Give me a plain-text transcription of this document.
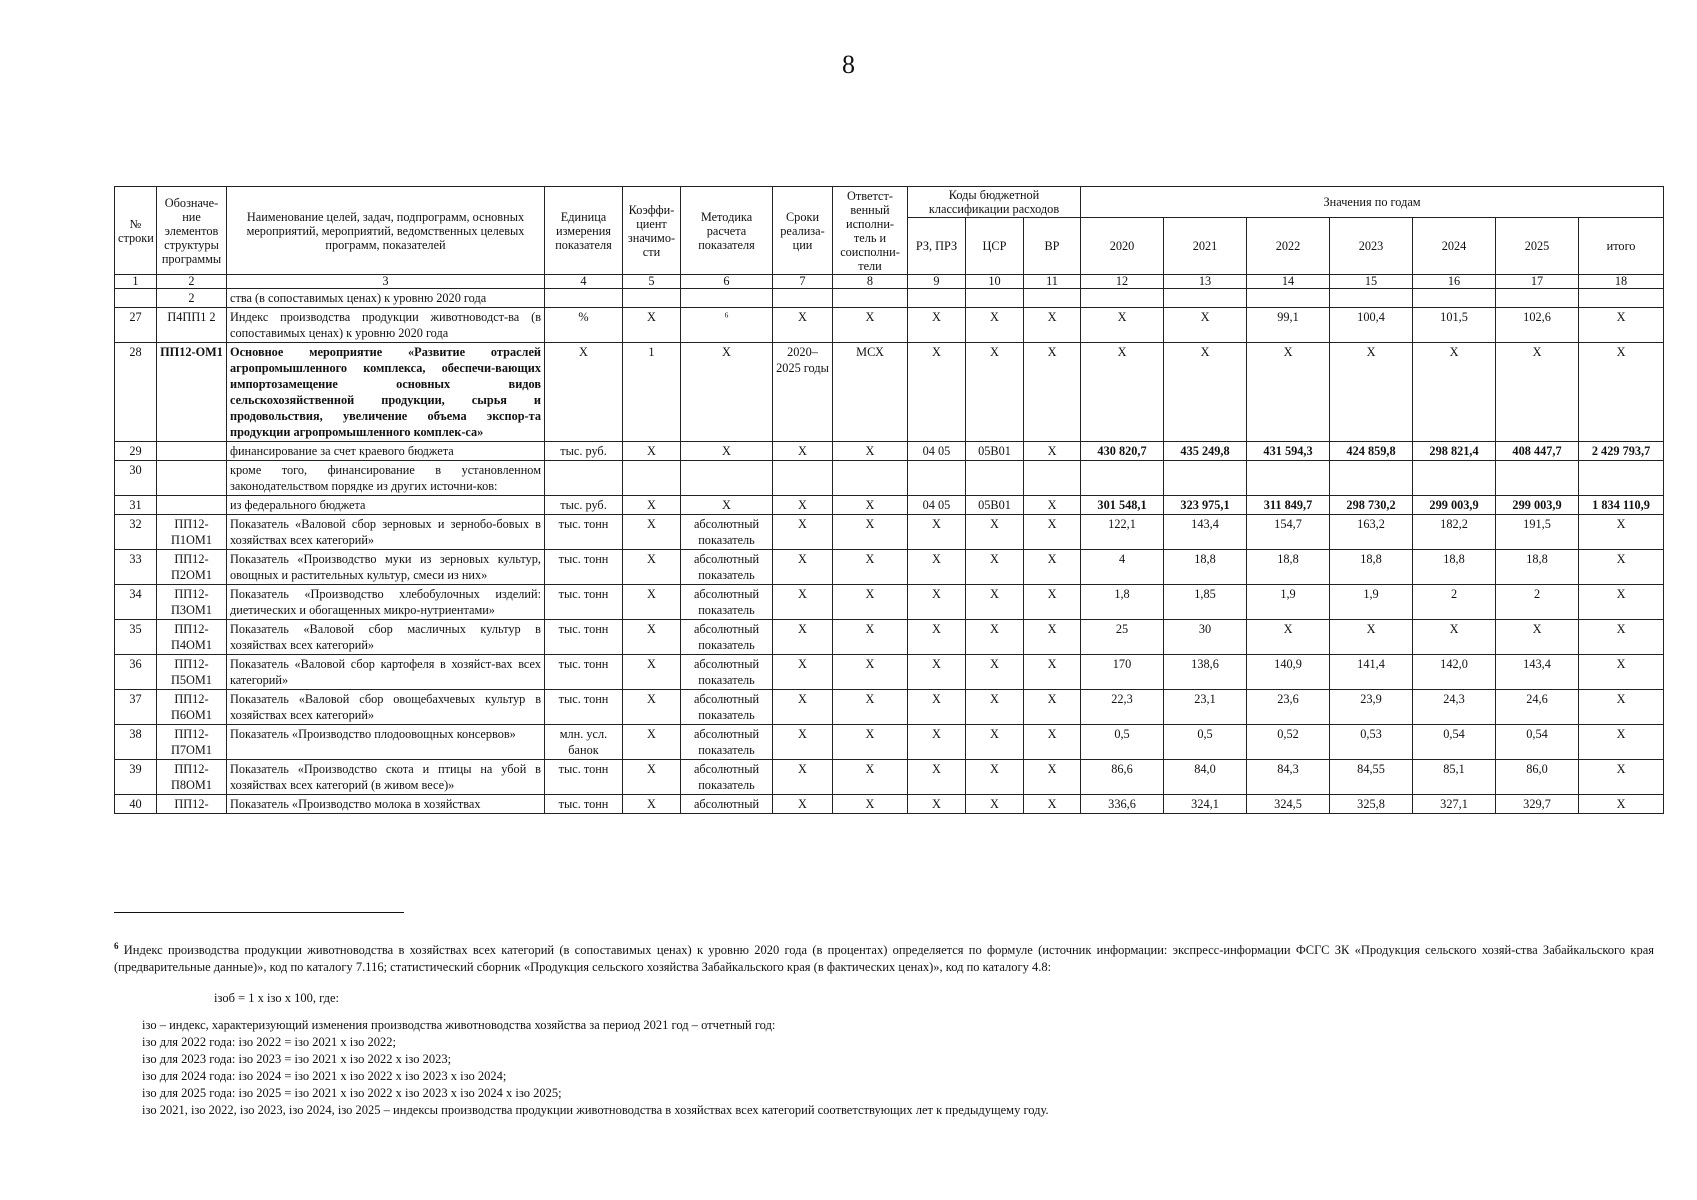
8
№ строки	Обозначе-ние элементов структуры программы	Наименование целей, задач, подпрограмм, основных мероприятий, мероприятий, ведомственных целевых программ, показателей	Единица измерения показателя	Коэффи-циент значимо-сти	Методика расчета показателя	Сроки реализа-ции	Ответст-венный исполни-тель и соисполни-тели	Коды бюджетной классификации расходов			Значения по годам						
								РЗ, ПРЗ	ЦСР	ВР	2020	2021	2022	2023	2024	2025	итого
1	2	3	4	5	6	7	8	9	10	11	12	13	14	15	16	17	18
	2	ства (в сопоставимых ценах) к уровню 2020 года															
27	П4ПП1 2	Индекс производства продукции животноводст-ва (в сопоставимых ценах) к уровню 2020 года	%	Х	⁶	Х	Х	Х	Х	Х	Х	Х	99,1	100,4	101,5	102,6	Х
28	ПП12-ОМ1	Основное мероприятие «Развитие отраслей агропромышленного комплекса, обеспечи-вающих импортозамещение основных видов сельскохозяйственной продукции, сырья и продовольствия, увеличение объема экспор-та продукции агропромышленного комплек-са»	Х	1	Х	2020–2025 годы	МСХ	Х	Х	Х	Х	Х	Х	Х	Х	Х	Х
29		финансирование за счет краевого бюджета	тыс. руб.	Х	Х	Х	Х	04 05	05В01	Х	430 820,7	435 249,8	431 594,3	424 859,8	298 821,4	408 447,7	2 429 793,7
30		кроме того, финансирование в установленном законодательством порядке из других источни-ков:															
31		из федерального бюджета	тыс. руб.	Х	Х	Х	Х	04 05	05В01	Х	301 548,1	323 975,1	311 849,7	298 730,2	299 003,9	299 003,9	1 834 110,9
32	ПП12-П1ОМ1	Показатель «Валовой сбор зерновых и зернобо-бовых в хозяйствах всех категорий»	тыс. тонн	Х	абсолютный показатель	Х	Х	Х	Х	Х	122,1	143,4	154,7	163,2	182,2	191,5	Х
33	ПП12-П2ОМ1	Показатель «Производство муки из зерновых культур, овощных и растительных культур, смеси из них»	тыс. тонн	Х	абсолютный показатель	Х	Х	Х	Х	Х	4	18,8	18,8	18,8	18,8	18,8	Х
34	ПП12-П3ОМ1	Показатель «Производство хлебобулочных изделий: диетических и обогащенных микро-нутриентами»	тыс. тонн	Х	абсолютный показатель	Х	Х	Х	Х	Х	1,8	1,85	1,9	1,9	2	2	Х
35	ПП12-П4ОМ1	Показатель «Валовой сбор масличных культур в хозяйствах всех категорий»	тыс. тонн	Х	абсолютный показатель	Х	Х	Х	Х	Х	25	30	Х	Х	Х	Х	Х
36	ПП12-П5ОМ1	Показатель «Валовой сбор картофеля в хозяйст-вах всех категорий»	тыс. тонн	Х	абсолютный показатель	Х	Х	Х	Х	Х	170	138,6	140,9	141,4	142,0	143,4	Х
37	ПП12-П6ОМ1	Показатель «Валовой сбор овощебахчевых культур в хозяйствах всех категорий»	тыс. тонн	Х	абсолютный показатель	Х	Х	Х	Х	Х	22,3	23,1	23,6	23,9	24,3	24,6	Х
38	ПП12-П7ОМ1	Показатель «Производство плодоовощных консервов»	млн. усл. банок	Х	абсолютный показатель	Х	Х	Х	Х	Х	0,5	0,5	0,52	0,53	0,54	0,54	Х
39	ПП12-П8ОМ1	Показатель «Производство скота и птицы на убой в хозяйствах всех категорий (в живом весе)»	тыс. тонн	Х	абсолютный показатель	Х	Х	Х	Х	Х	86,6	84,0	84,3	84,55	85,1	86,0	Х
40	ПП12-	Показатель «Производство молока в хозяйствах	тыс. тонн	Х	абсолютный	Х	Х	Х	Х	Х	336,6	324,1	324,5	325,8	327,1	329,7	Х

$^6$ Индекс производства продукции животноводства в хозяйствах всех категорий (в сопоставимых ценах) к уровню 2020 года (в процентах) определяется по формуле (источник информации: экспресс-информации ФСГС ЗК «Продукция сельского хозяй-ства Забайкальского края (предварительные данные)», код по каталогу 7.116; статистический сборник «Продукция сельского хозяйства Забайкальского края (в фактических ценах)», код по каталогу 4.8:

iзоб = 1 х iзо х 100, где:

iзо – индекс, характеризующий изменения производства животноводства хозяйства за период 2021 год – отчетный год:

iзо для 2022 года: iзо 2022 = iзо 2021 х iзо 2022;

iзо для 2023 года: iзо 2023 = iзо 2021 х iзо 2022 х iзо 2023;

iзо для 2024 года: iзо 2024 = iзо 2021 х iзо 2022 х iзо 2023 х iзо 2024;

iзо для 2025 года: iзо 2025 = iзо 2021 х iзо 2022 х iзо 2023 х iзо 2024 х iзо 2025;

iзо 2021, iзо 2022, iзо 2023, iзо 2024, iзо 2025 – индексы производства продукции животноводства в хозяйствах всех категорий соответствующих лет к предыдущему году.
